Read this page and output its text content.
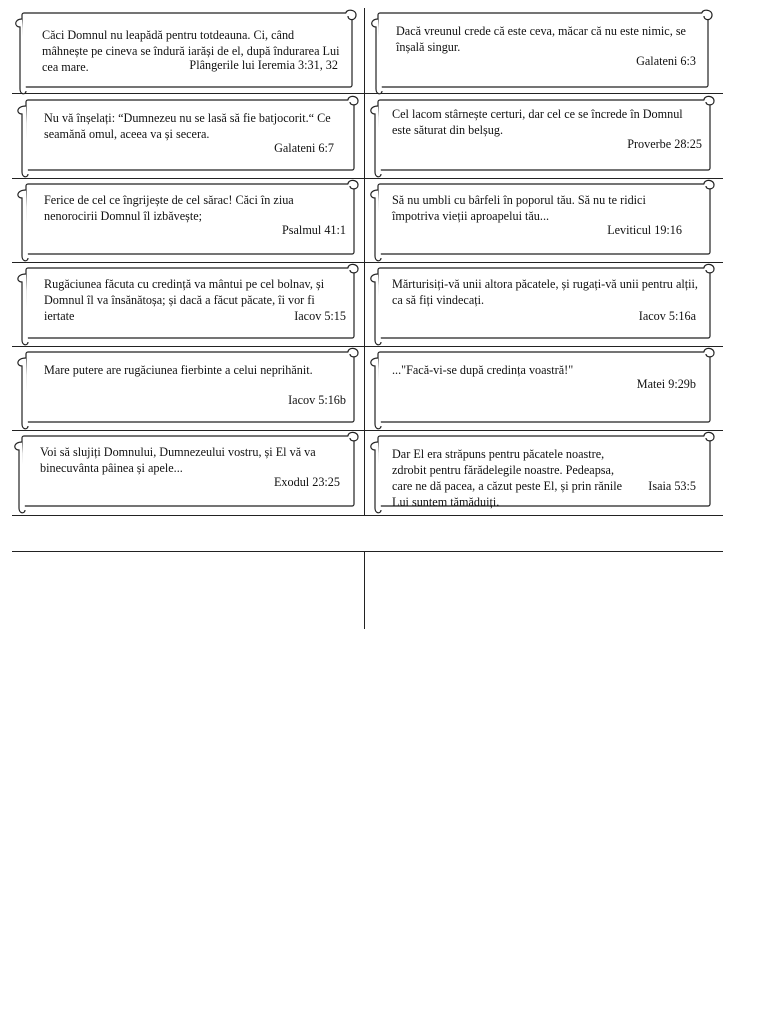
Căci Domnul nu leapădă pentru totdeauna. Ci, când mâhnește pe cineva se îndură iarăși de el, după îndurarea Lui cea mare.	Plângerile lui Ieremia 3:31, 32
Dacă vreunul crede că este ceva, măcar că nu este nimic, se înșală singur.
Galateni 6:3
Nu vă înșelați: “Dumnezeu nu se lasă să fie batjocorit.“ Ce seamănă omul, aceea va și secera.
Galateni 6:7
Cel lacom stârnește certuri, dar cel ce se încrede în Domnul este săturat din belșug.
Proverbe 28:25
Ferice de cel ce îngrijește de cel sărac! Căci în ziua nenorocirii Domnul îl izbăvește;
Psalmul 41:1
Să nu umbli cu bârfeli în poporul tău. Să nu te ridici împotriva vieții aproapelui tău...
Leviticul 19:16
Rugăciunea făcuta cu credință va mântui pe cel bolnav, și Domnul îl va însănătoșa; și dacă a făcut păcate, îi vor fi iertate	Iacov 5:15
Mărturisiți-vă unii altora păcatele, și rugați-vă unii pentru alții, ca să fiți vindecați.
Iacov 5:16a
Mare putere are rugăciunea fierbinte a celui neprihănit.
Iacov 5:16b
..."Facă-vi-se după credința voastră!"
Matei 9:29b
Voi să slujiți Domnului, Dumnezeului vostru, și El vă va binecuvânta pâinea și apele...
Exodul 23:25
Dar El era străpuns pentru păcatele noastre, zdrobit pentru fărădelegile noastre. Pedeapsa, care ne dă pacea, a căzut peste El, și prin rănile Lui suntem tămăduiți.
Isaia 53:5
